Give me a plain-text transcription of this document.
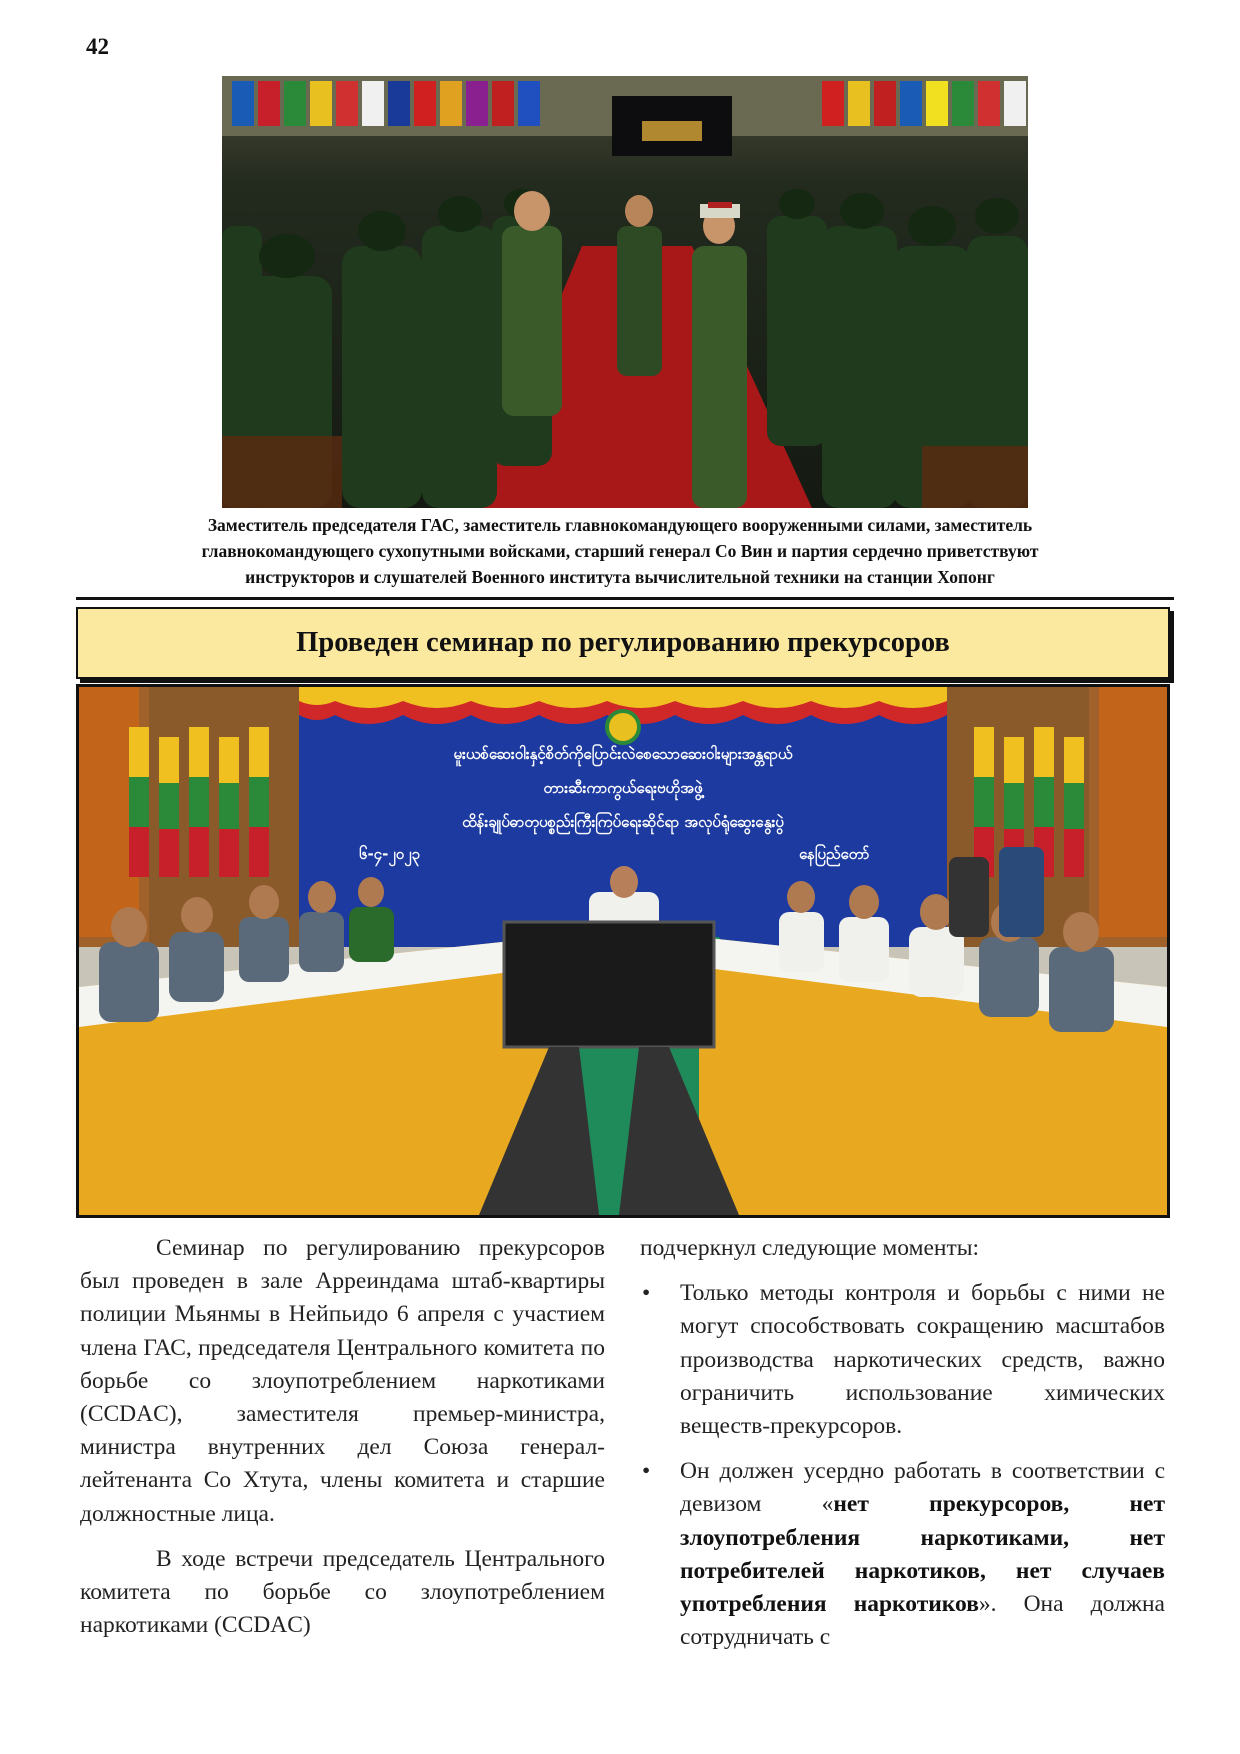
42
Заместитель председателя ГАС, заместитель главнокомандующего вооруженными силами, заместитель
главнокомандующего сухопутными войсками, старший генерал Со Вин и партия сердечно приветствуют
инструкторов и слушателей Военного института вычислительной техники на станции Хопонг
Проведен семинар по регулированию прекурсоров
မူးယစ်ဆေးဝါးနှင့်စိတ်ကိုပြောင်းလဲစေသောဆေးဝါးများအန္တရာယ်
တားဆီးကာကွယ်ရေးဗဟိုအဖွဲ့
ထိန်းချုပ်ဓာတုပစ္စည်းကြီးကြပ်ရေးဆိုင်ရာ အလုပ်ရုံဆွေးနွေးပွဲ
၆-၄-၂၀၂၃	နေပြည်တော်

Семинар по регулированию прекурсоров был проведен в зале Арреиндама штаб-квартиры полиции Мьянмы в Нейпьидо 6 апреля с участием члена ГАС, председателя Центрального комитета по борьбе со злоупотреблением наркотиками (CCDAC), заместителя премьер-министра, министра внутренних дел Союза генерал-лейтенанта Со Хтута, члены комитета и старшие должностные лица.

В ходе встречи председатель Центрального комитета по борьбе со злоупотреблением наркотиками (CCDAC)

подчеркнул следующие моменты:

• Только методы контроля и борьбы с ними не могут способствовать сокращению масштабов производства наркотических средств, важно ограничить использование химических веществ-прекурсоров.
• Он должен усердно работать в соответствии с девизом «нет прекурсоров, нет злоупотребления наркотиками, нет потребителей наркотиков, нет случаев употребления наркотиков». Она должна сотрудничать с
